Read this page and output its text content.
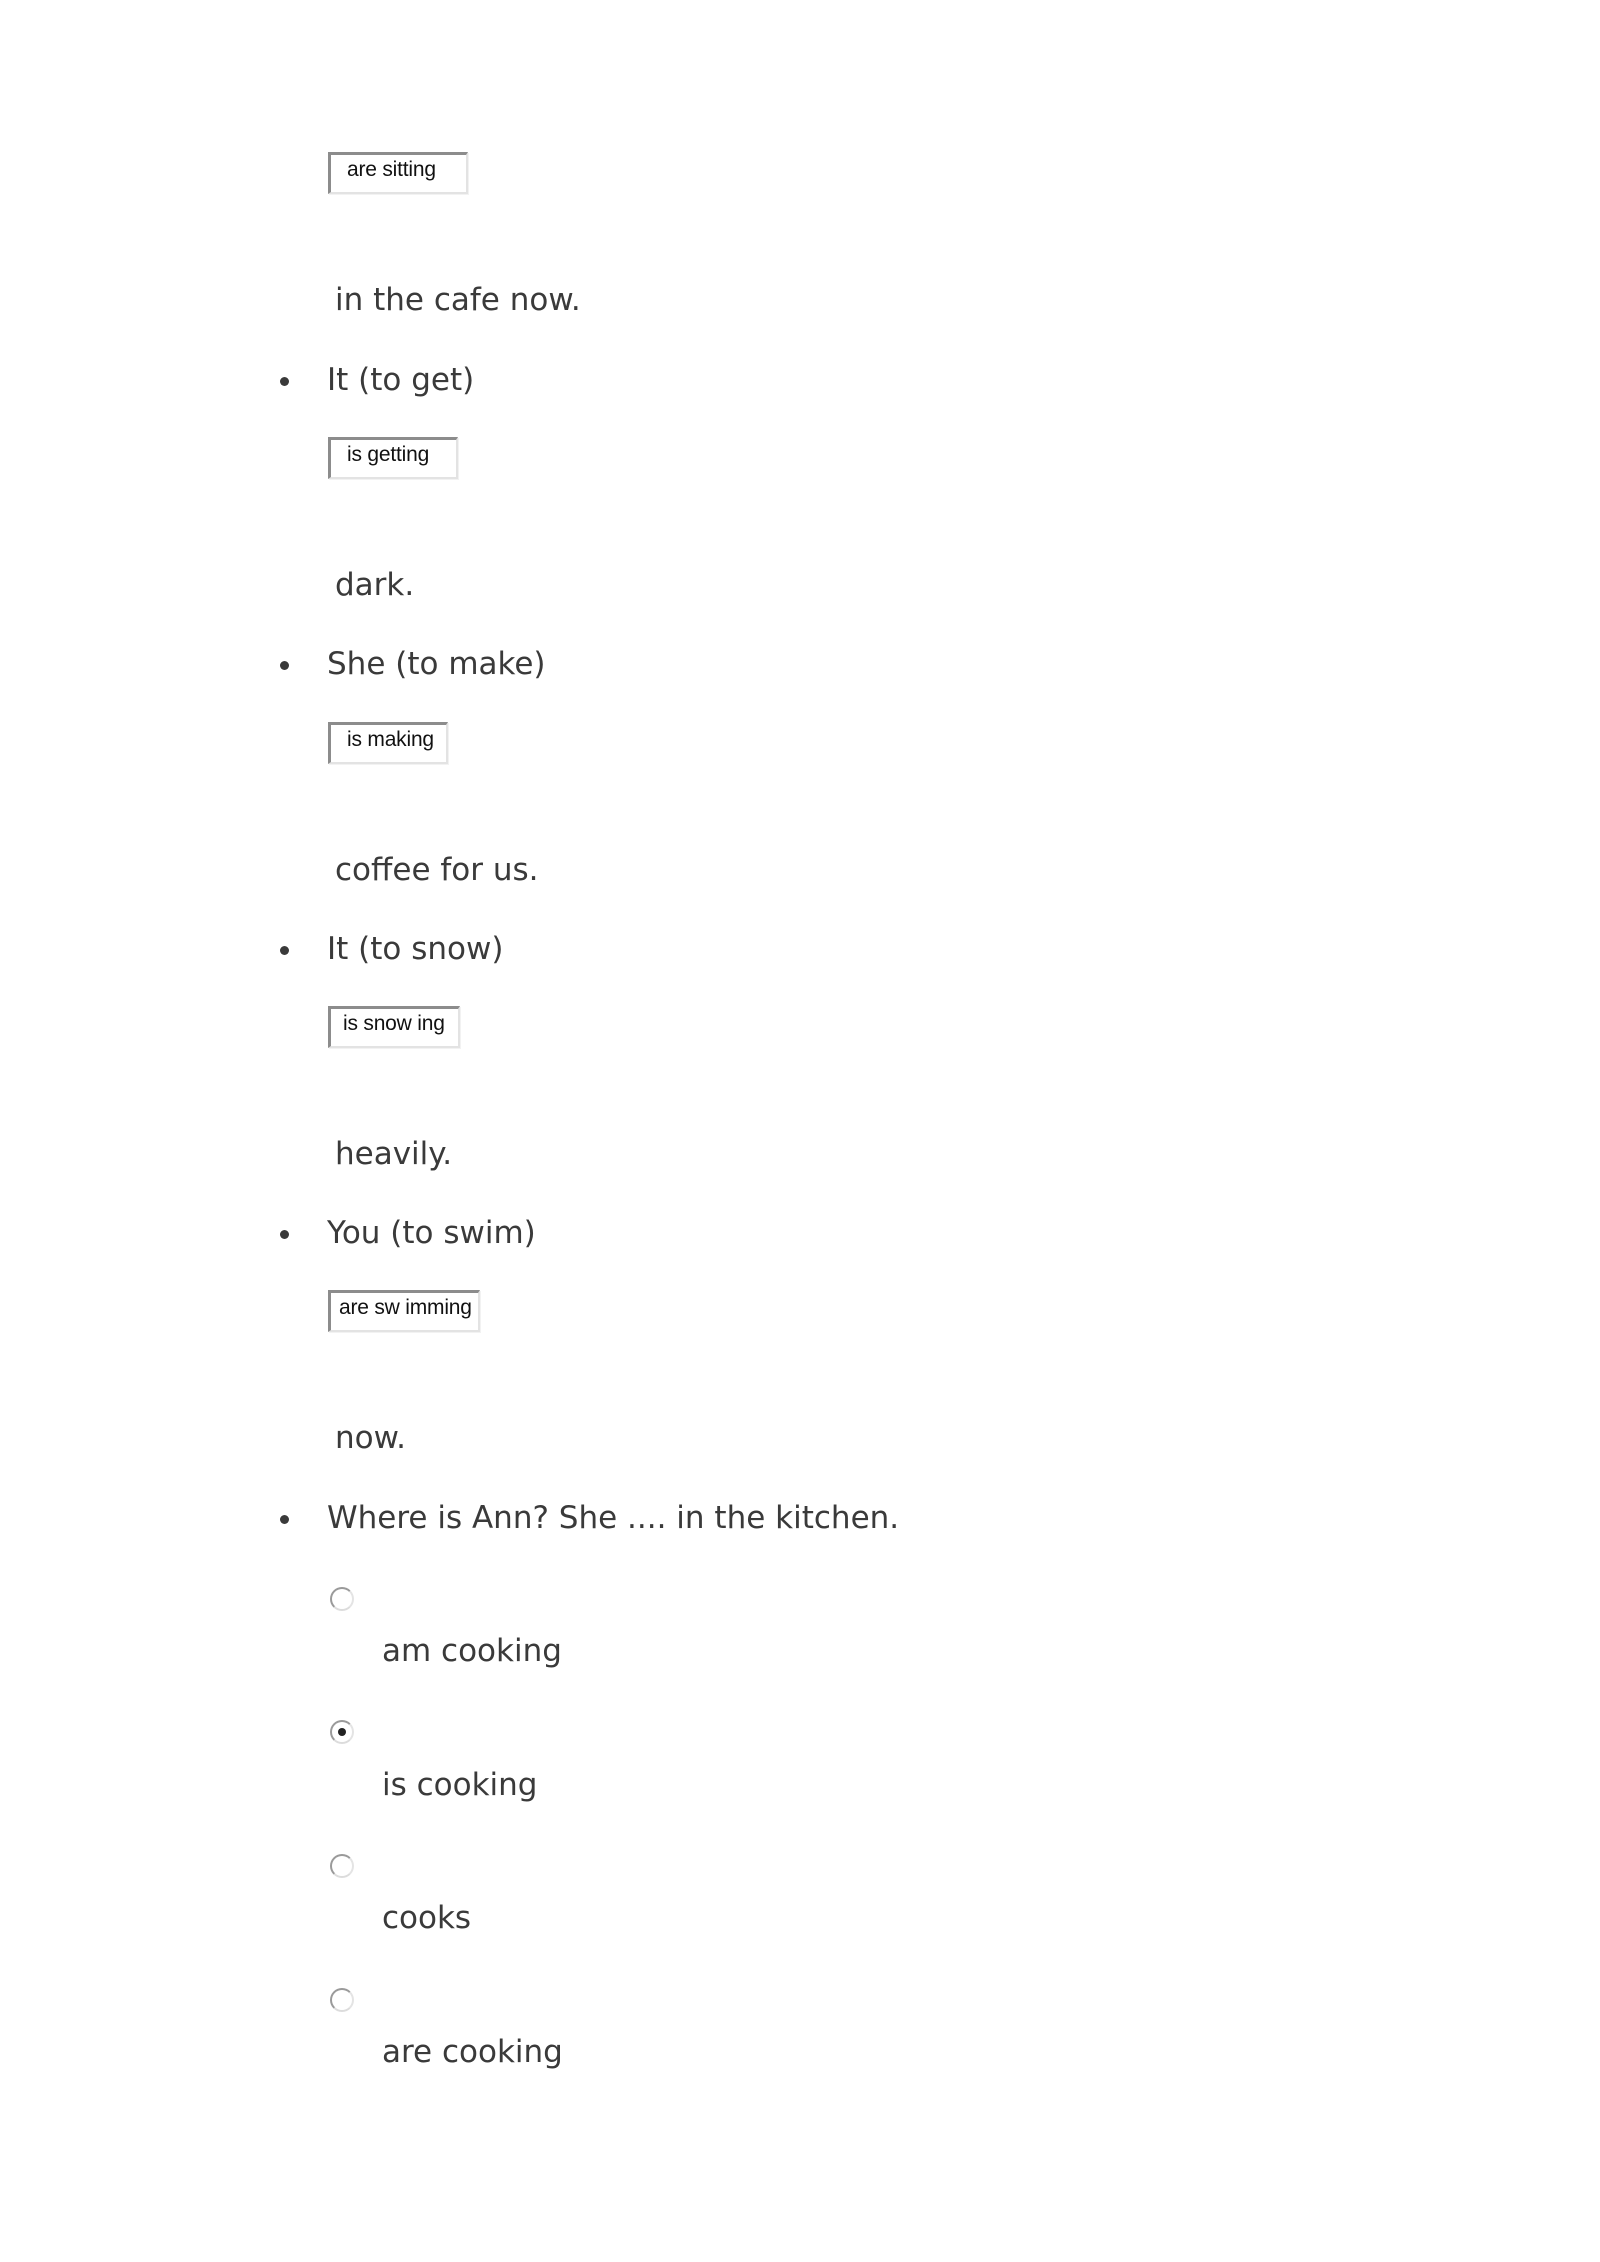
are sitting
in the cafe now.
It (to get)
is getting
dark.
She (to make)
is making
coffee for us.
It (to snow)
is snow ing
heavily.
You (to swim)
are sw imming
now.
Where is Ann? She .... in the kitchen.
am cooking
is cooking
cooks
are cooking
